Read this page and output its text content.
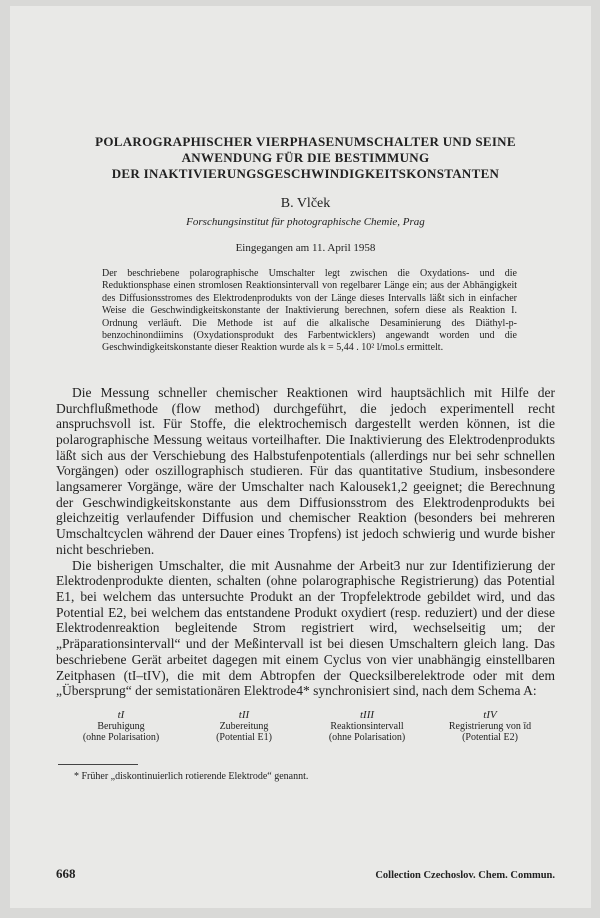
POLAROGRAPHISCHER VIERPHASENUMSCHALTER UND SEINE
ANWENDUNG FÜR DIE BESTIMMUNG
DER INAKTIVIERUNGSGESCHWINDIGKEITSKONSTANTEN
B. Vlček
Forschungsinstitut für photographische Chemie, Prag
Eingegangen am 11. April 1958
Der beschriebene polarographische Umschalter legt zwischen die Oxydations- und die Reduktionsphase einen stromlosen Reaktionsintervall von regelbarer Länge ein; aus der Abhängigkeit des Diffusionsstromes des Elektrodenprodukts von der Länge dieses Intervalls läßt sich in einfacher Weise die Geschwindigkeitskonstante der Inaktivierung berechnen, sofern diese als Reaktion I. Ordnung verläuft. Die Methode ist auf die alkalische Desaminierung des Diäthyl-p-benzochinondiimins (Oxydationsprodukt des Farbentwicklers) angewandt worden und die Geschwindigkeitskonstante dieser Reaktion wurde als k = 5,44 . 10² l/mol.s ermittelt.

Die Messung schneller chemischer Reaktionen wird hauptsächlich mit Hilfe der Durchflußmethode (flow method) durchgeführt, die jedoch experimentell recht anspruchsvoll ist. Für Stoffe, die elektrochemisch dargestellt werden können, ist die polarographische Messung weitaus vorteilhafter. Die Inaktivierung des Elektrodenprodukts läßt sich aus der Verschiebung des Halbstufenpotentials (allerdings nur bei sehr schnellen Vorgängen) oder oszillographisch studieren. Für das quantitative Studium, insbesondere langsamerer Vorgänge, wäre der Umschalter nach Kalousek1,2 geeignet; die Berechnung der Geschwindigkeitskonstante aus dem Diffusionsstrom des Elektrodenprodukts bei gleichzeitig verlaufender Diffusion und chemischer Reaktion (besonders bei mehreren Umschaltcyclen während der Dauer eines Tropfens) ist jedoch schwierig und wurde bisher nicht beschrieben.

Die bisherigen Umschalter, die mit Ausnahme der Arbeit3 nur zur Identifizierung der Elektrodenprodukte dienten, schalten (ohne polarographische Registrierung) das Potential E1, bei welchem das untersuchte Produkt an der Tropfelektrode gebildet wird, und das Potential E2, bei welchem das entstandene Produkt oxydiert (resp. reduziert) und der diese Elektrodenreaktion begleitende Strom registriert wird, wechselseitig um; der „Präparationsintervall“ und der Meßintervall ist bei diesen Umschaltern gleich lang. Das beschriebene Gerät arbeitet dagegen mit einem Cyclus von vier unabhängig einstellbaren Zeitphasen (tI–tIV), die mit dem Abtropfen der Quecksilberelektrode oder mit dem „Übersprung“ der semistationären Elektrode4* synchronisiert sind, nach dem Schema A:

tI
Beruhigung
(ohne Polarisation)
tII
Zubereitung
(Potential E1)
tIII
Reaktionsintervall
(ohne Polarisation)
tIV
Registrierung von īd
(Potential E2)
* Früher „diskontinuierlich rotierende Elektrode“ genannt.
668	Collection Czechoslov. Chem. Commun.
